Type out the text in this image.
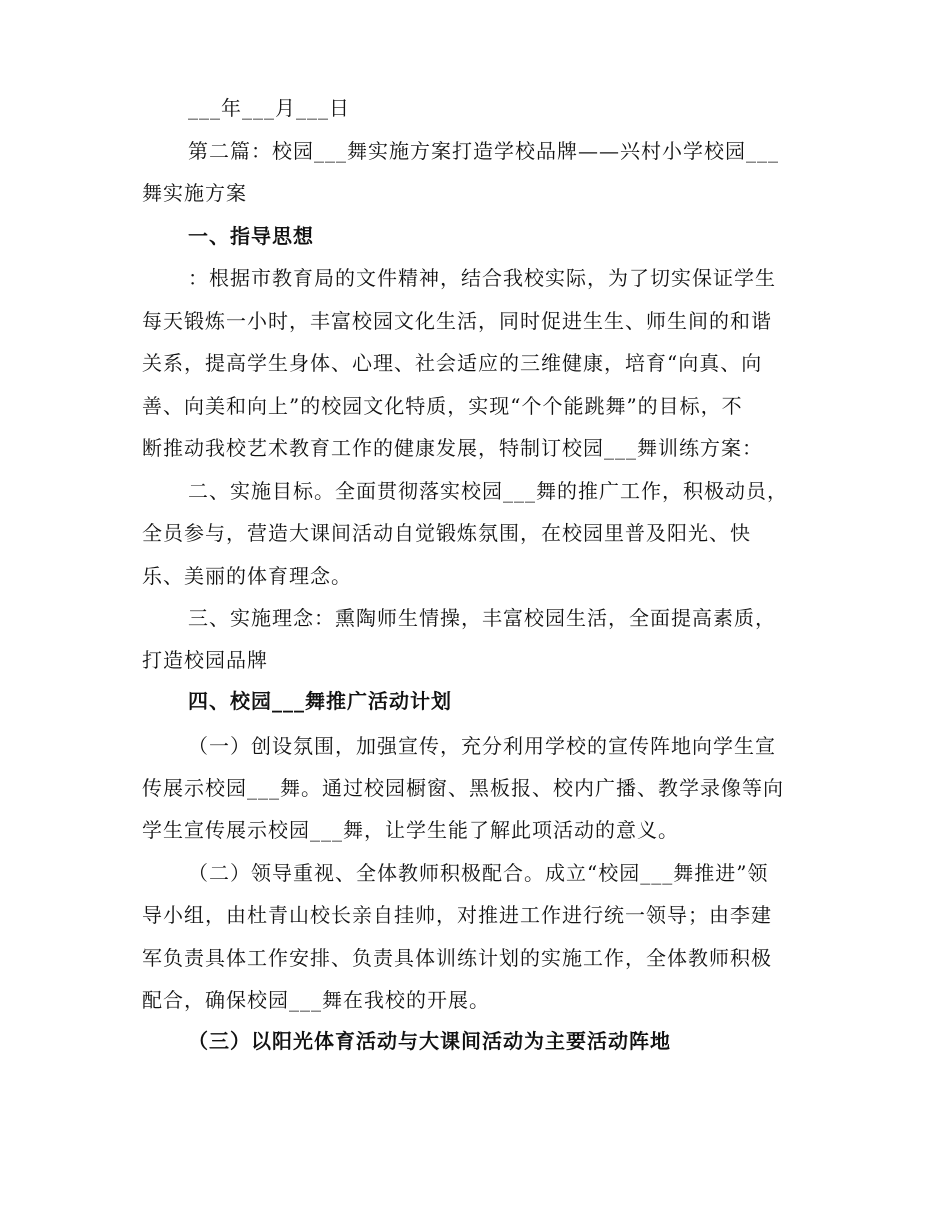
___年___月___日
第二篇：校园___舞实施方案打造学校品牌——兴村小学校园___
舞实施方案
一、指导思想
：根据市教育局的文件精神，结合我校实际，为了切实保证学生
每天锻炼一小时，丰富校园文化生活，同时促进生生、师生间的和谐
关系，提高学生身体、心理、社会适应的三维健康，培育“向真、向
善、向美和向上”的校园文化特质，实现“个个能跳舞”的目标，不
断推动我校艺术教育工作的健康发展，特制订校园___舞训练方案：
二、实施目标。全面贯彻落实校园___舞的推广工作，积极动员，
全员参与，营造大课间活动自觉锻炼氛围，在校园里普及阳光、快
乐、美丽的体育理念。
三、实施理念：熏陶师生情操，丰富校园生活，全面提高素质，
打造校园品牌
四、校园___舞推广活动计划
（一）创设氛围，加强宣传，充分利用学校的宣传阵地向学生宣
传展示校园___舞。通过校园橱窗、黑板报、校内广播、教学录像等向
学生宣传展示校园___舞，让学生能了解此项活动的意义。
（二）领导重视、全体教师积极配合。成立“校园___舞推进”领
导小组，由杜青山校长亲自挂帅，对推进工作进行统一领导；由李建
军负责具体工作安排、负责具体训练计划的实施工作，全体教师积极
配合，确保校园___舞在我校的开展。
（三）以阳光体育活动与大课间活动为主要活动阵地
